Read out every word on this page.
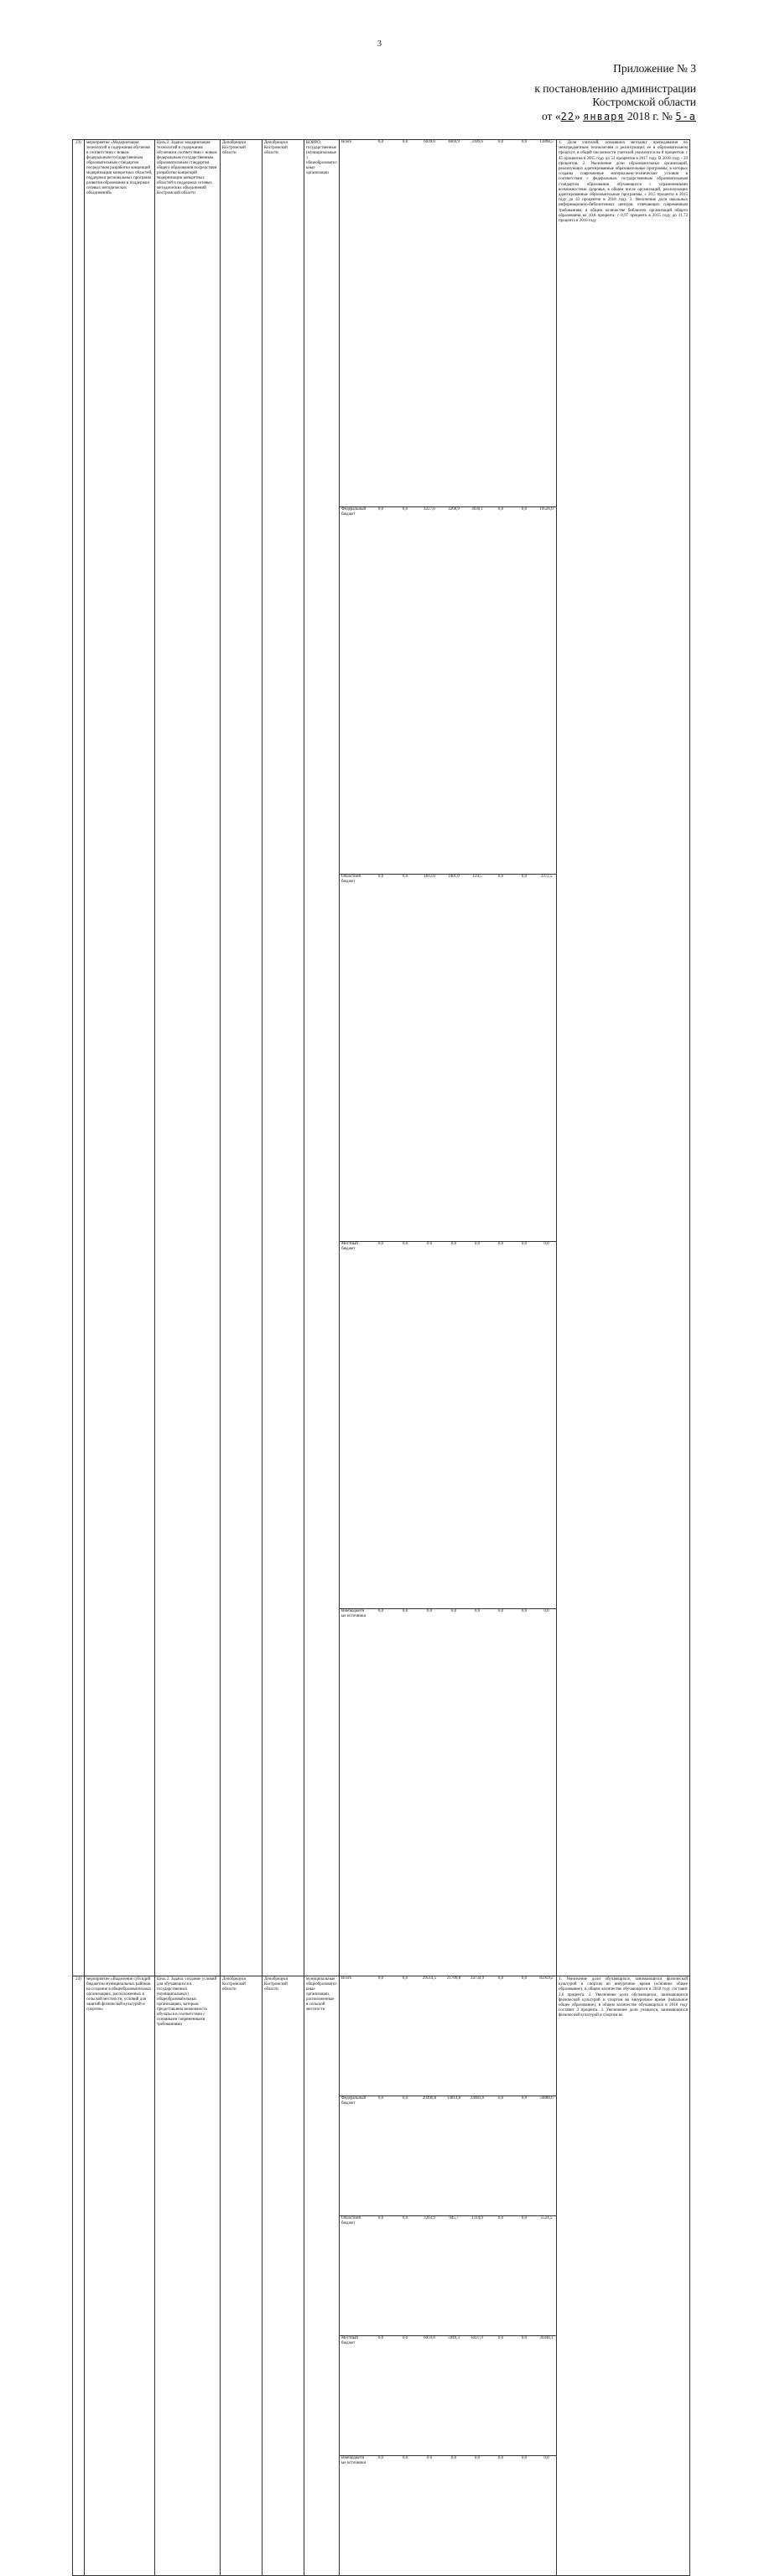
3
Приложение № 3
к постановлению администрации
Костромской области
от «22» января 2018 г. № 5-а
23)	мероприятие «Модернизация технологий и содержания обучения в соответствии с новым федеральным государственным образовательным стандартом посредством разработки концепций модернизации конкретных областей, поддержки региональных программ развития образования и поддержки сетевых методических объединений»	Цель 2. Задача: модернизация технологий и содержания обучения в соответствии с новым федеральным государственным образовательным стандартом общего образования посредством разработки концепций модернизации конкретных областей и поддержки сетевых методических объединений Костромской области	Депобрнауки Костромской области	Депобрнауки Костромской области	КОИРО, государственные (муниципальные) общеобразовательные организации	
Всего	0,0	0,0	6039,0	4669,9	3189,6	0,0	0,0	13898,5
Федеральный бюджет	0,0	0,0	4227,0	3268,9	3030,1	0,0	0,0	10526,0
Областной бюджет	0,0	0,0	1812,0	1401,0	159,5	0,0	0,0	3372,5
Местный бюджет	0,0	0,0	0,0	0,0	0,0	0,0	0,0	0,0
Внебюджетные источники	0,0	0,0	0,0	0,0	0,0	0,0	0,0	0,0
	1. Доля учителей, освоивших методику преподавания по межпредметным технологиям и реализующих ее в образовательном процессе, в общей численности учителей увеличится на 8 процентов: с 45 процентов в 2015 году до 53 процентов в 2017 году. В 2018 году - 29 процентов. 2. Увеличение доли образовательных организаций, реализующих адаптированные образовательные программы, в которых созданы современные материально-технические условия в соответствии с федеральным государственным образовательным стандартом образования обучающихся с ограниченными возможностями здоровья, в общем числе организаций, реализующих адаптированные образовательные программы, с 20,5 процента в 2015 году до 43 процентов в 2018 году. 3. Увеличение доли школьных информационно-библиотечных центров, отвечающих современным требованиям, в общем количестве библиотек организаций общего образования на 10,8 процента: с 0,97 процента в 2015 году до 11,72 процента в 2016 году
24)	мероприятие «Выделение субсидий бюджетам муниципальных районов на создание в общеобразовательных организациях, расположенных в сельской местности, условий для занятий физической культурой и спортом»	Цель 2. Задача: создание условий для обучающихся в государственных (муниципальных) общеобразовательных организациях, которым предоставлена возможность обучаться в соответствии с основными современными требованиями	Депобрнауки Костромской области	Депобрнауки Костромской области	муниципальные общеобразовательные организации, расположенные в сельской местности	
Всего	0,0	0,0	29514,5	21709,8	34734,9	0,0	0,0	85959,2
Федеральный бюджет	0,0	0,0	20490,8	14814,8	24983,0	0,0	0,0	59888,6
Областной бюджет	0,0	0,0	3263,9	945,7	1314,9	0,0	0,0	5524,5
Местный бюджет	0,0	0,0	6059,8	5949,3	8437,0	0,0	0,0	20446,1
Внебюджетные источники	0,0	0,0	0,0	0,0	0,0	0,0	0,0	0,0
	1. Увеличение доли обучающихся, занимающихся физической культурой и спортом во внеурочное время (основное общее образование), в общем количестве обучающихся в 2018 году составит 2,6 процента. 2. Увеличение доли обучающихся, занимающихся физической культурой и спортом во внеурочное время (начальное общее образование), в общем количестве обучающихся в 2018 году составит 3 процента. 3. Увеличение доли учащихся, занимающихся физической культурой и спортом во
